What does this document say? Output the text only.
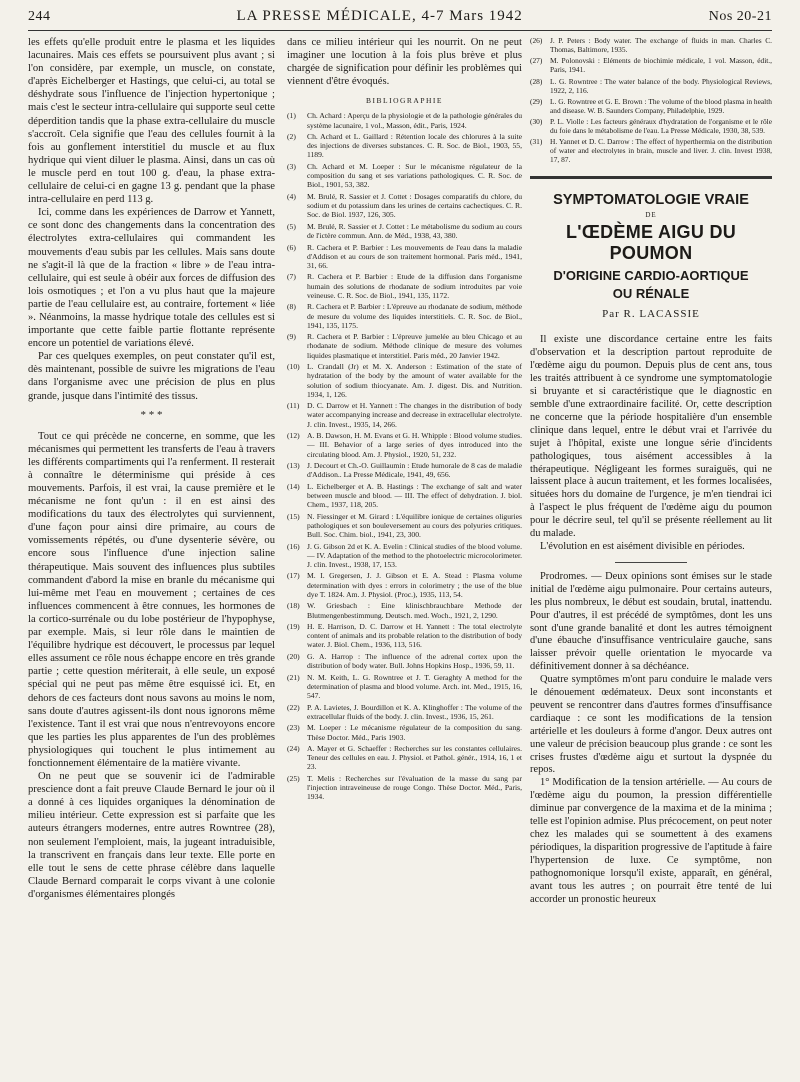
244	LA PRESSE MÉDICALE, 4-7 Mars 1942	Nos 20-21

les effets qu'elle produit entre le plasma et les liquides lacunaires. Mais ces effets se poursuivent plus avant ; si l'on considère, par exemple, un muscle, on constate, d'après Eichelberger et Hastings, que celui-ci, au total se déshydrate sous l'influence de l'injection hypertonique ; mais c'est le secteur intra-cellulaire qui supporte seul cette déperdition tandis que la phase extra-cellulaire du muscle s'accroît. Cela signifie que l'eau des cellules fournit à la fois au gonflement interstitiel du muscle et au flux hydrique qui vient diluer le plasma. Ainsi, dans un cas où le muscle perd en tout 100 g. d'eau, la phase extra-cellulaire de celui-ci en gagne 13 g. pendant que la phase intra-cellulaire en perd 113 g.

Ici, comme dans les expériences de Darrow et Yannett, ce sont donc des changements dans la concentration des électrolytes extra-cellulaires qui commandent les mouvements d'eau subis par les cellules. Mais sans doute ne s'agit-il là que de la fraction « libre » de l'eau intra-cellulaire, qui est seule à obéir aux forces de diffusion des lois osmotiques ; et l'on a vu plus haut que la majeure partie de l'eau cellulaire est, au contraire, fortement « liée ». Néanmoins, la masse hydrique totale des cellules est si importante que cette faible partie flottante représente encore un potentiel de variations élevé.

Par ces quelques exemples, on peut constater qu'il est, dès maintenant, possible de suivre les migrations de l'eau dans l'organisme avec une précision de plus en plus grande, jusque dans l'intimité des tissus.

* * *

Tout ce qui précède ne concerne, en somme, que les mécanismes qui permettent les transferts de l'eau à travers les différents compartiments qui l'a renferment. Il resterait à connaître le déterminisme qui préside à ces mouvements. Parfois, il est vrai, la cause première et le mécanisme ne font qu'un : il en est ainsi des modifications du taux des électrolytes qui surviennent, d'une façon pour ainsi dire primaire, au cours de vomissements répétés, ou d'une dysenterie sévère, ou encore sous l'influence d'une injection saline thérapeutique. Mais souvent des influences plus subtiles commandent d'abord la mise en branle du mécanisme qui lui-même met l'eau en mouvement ; certaines de ces influences commencent à être connues, les hormones de la cortico-surrénale ou du lobe postérieur de l'hypophyse, par exemple. Mais, si leur rôle dans le maintien de l'équilibre hydrique est découvert, le processus par lequel elles assument ce rôle nous échappe encore en très grande partie ; cette question mériterait, à elle seule, un exposé spécial qui ne peut pas même être esquissé ici. Et, en dehors de ces facteurs dont nous savons au moins le nom, sans doute d'autres agissent-ils dont nous ignorons même l'existence. Tant il est vrai que nous n'entrevoyons encore que les parties les plus apparentes de l'un des problèmes physiologiques qui touchent le plus intimement au fonctionnement élémentaire de la matière vivante.

On ne peut que se souvenir ici de l'admirable prescience dont a fait preuve Claude Bernard le jour où il a donné à ces liquides organiques la dénomination de milieu intérieur. Cette expression est si parfaite que les auteurs étrangers modernes, entre autres Rowntree (28), non seulement l'emploient, mais, la jugeant intraduisible, la transcrivent en français dans leur texte. Elle porte en elle tout le sens de cette phrase célèbre dans laquelle Claude Bernard comparait le corps vivant à une colonie d'organismes élémentaires plongés

dans ce milieu intérieur qui les nourrit. On ne peut imaginer une locution à la fois plus brève et plus chargée de signification pour définir les problèmes qui viennent d'être évoqués.

BIBLIOGRAPHIE
(1)	Ch. Achard : Aperçu de la physiologie et de la pathologie générales du système lacunaire, 1 vol., Masson, édit., Paris, 1924.
(2)	Ch. Achard et L. Gaillard : Rétention locale des chlorures à la suite des injections de diverses substances. C. R. Soc. de Biol., 1903, 55, 1189.
(3)	Ch. Achard et M. Loeper : Sur le mécanisme régulateur de la composition du sang et ses variations pathologiques. C. R. Soc. de Biol., 1901, 53, 382.
(4)	M. Brulé, R. Sassier et J. Cottet : Dosages comparatifs du chlore, du sodium et du potassium dans les urines de certains cachectiques. C. R. Soc. de Biol. 1937, 126, 305.
(5)	M. Brulé, R. Sassier et J. Cottet : Le métabolisme du sodium au cours de l'ictère commun. Ann. de Méd., 1938, 43, 380.
(6)	R. Cachera et P. Barbier : Les mouvements de l'eau dans la maladie d'Addison et au cours de son traitement hormonal. Paris méd., 1941, 31, 66.
(7)	R. Cachera et P. Barbier : Etude de la diffusion dans l'organisme humain des solutions de rhodanate de sodium introduites par voie veineuse. C. R. Soc. de Biol., 1941, 135, 1172.
(8)	R. Cachera et P. Barbier : L'épreuve au rhodanate de sodium, méthode de mesure du volume des liquides interstitiels. C. R. Soc. de Biol., 1941, 135, 1175.
(9)	R. Cachera et P. Barbier : L'épreuve jumelée au bleu Chicago et au rhodanate de sodium. Méthode clinique de mesure des volumes liquides plasmatique et interstitiel. Paris méd., 20 Janvier 1942.
(10) L. Crandall (Jr) et M. X. Anderson : Estimation of the state of hydratation of the body by the amount of water available for the solution of sodium thiocyanate. Am. J. digest. Dis. and Nutrition. 1934, 1, 126.
(11)	D. C. Darrow et H. Yannett : The changes in the distribution of body water accompanying increase and decrease in extracellular electrolyte. J. clin. Invest., 1935, 14, 266.
(12) A. B. Dawson, H. M. Evans et G. H. Whipple : Blood volume studies. — III. Behavior of a large series of dyes introduced into the circulating blood. Am. J. Physiol., 1920, 51, 232.
(13) J. Decourt et Ch.-O. Guillaumin : Etude humorale de 8 cas de maladie d'Addison.. La Presse Médicale, 1941, 49, 656.
(14) L. Eichelberger et A. B. Hastings : The exchange of salt and water between muscle and blood. — III. The effect of dehydration. J. biol. Chem., 1937, 118, 205.
(15) N. Fiessinger et M. Girard : L'équilibre ionique de certaines oliguries pathologiques et son bouleversement au cours des polyuries critiques. Bull. Soc. Chim. biol., 1941, 23, 300.
(16) J. G. Gibson 2d et K. A. Evelin : Clinical studies of the blood volume. — IV. Adaptation of the method to the photoelectric microcolorimeter. J. clin. Invest., 1938, 17, 153.
(17) M. I. Gregersen, J. J. Gibson et E. A. Stead : Plasma volume determination with dyes : errors in colorimetry ; the use of the blue dye T. 1824. Am. J. Physiol. (Proc.), 1935, 113, 54.
(18) W. Griesbach : Eine klinischbrauchbare Methode der Blutmengenbestimmung. Deutsch. med. Woch., 1921, 2, 1290.
(19) H. E. Harrison, D. C. Darrow et H. Yannett : The total electrolyte content of animals and its probable relation to the distribution of body water. J. Biol. Chem., 1936, 113, 516.
(20) G. A. Harrop : The influence of the adrenal cortex upon the distribution of body water. Bull. Johns Hopkins Hosp., 1936, 59, 11.
(21) N. M. Keith, L. G. Rowntree et J. T. Geraghty A method for the determination of plasma and blood volume. Arch. int. Med., 1915, 16, 547.
(22) P. A. Lavietes, J. Bourdillon et K. A. Klinghoffer : The volume of the extracellular fluids of the body. J. clin. Invest., 1936, 15, 261.
(23) M. Loeper : Le mécanisme régulateur de la composition du sang. Thèse Doctor. Méd., Paris 1903.
(24) A. Mayer et G. Schaeffer : Recherches sur les constantes cellulaires. Teneur des cellules en eau. J. Physiol. et Pathol. génér., 1914, 16, 1 et 23.
(25) T. Melis : Recherches sur l'évaluation de la masse du sang par l'injection intraveineuse de rouge Congo. Thèse Doctor. Méd., Paris, 1934.
(26)	J. P. Peters : Body water. The exchange of fluids in man. Charles C. Thomas, Baltimore, 1935.
(27)	M. Polonovski : Eléments de biochimie médicale, 1 vol. Masson, édit., Paris, 1941.
(28)	L. G. Rowntree : The water balance of the body. Physiological Reviews, 1922, 2, 116.
(29)	L. G. Rowntree et G. E. Brown : The volume of the blood plasma in health and disease. W. B. Saunders Company, Philadelphie, 1929.
(30)	P. L. Violle : Les facteurs généraux d'hydratation de l'organisme et le rôle du foie dans le métabolisme de l'eau. La Presse Médicale, 1930, 38, 539.
(31)	H. Yannet et D. C. Darrow : The effect of hyperthermia on the distribution of water and electrolytes in brain, muscle and liver. J. clin. Invest 1938, 17, 87.
SYMPTOMATOLOGIE VRAIE
DE
L'ŒDÈME AIGU DU POUMON
D'ORIGINE CARDIO-AORTIQUE
OU RÉNALE
Par R. LACASSIE

Il existe une discordance certaine entre les faits d'observation et la description partout reproduite de l'œdème aigu du poumon. Depuis plus de cent ans, tous les traités attribuent à ce syndrome une symptomatologie si bruyante et si caractéristique que le diagnostic en semble d'une extraordinaire facilité. Or, cette description ne concerne que la période hospitalière d'un ensemble clinique dans lequel, entre le début vrai et l'arrivée du sujet à l'hôpital, existe une longue série d'incidents pathologiques, tous aisément accessibles à la thérapeutique. Négligeant les formes suraiguës, qui ne laissent place à aucun traitement, et les formes localisées, situées hors du domaine de l'urgence, je m'en tiendrai ici à l'aspect le plus fréquent de l'œdème aigu du poumon pour le décrire seul, tel qu'il se présente réellement au lit du malade.

L'évolution en est aisément divisible en périodes.

Prodromes. — Deux opinions sont émises sur le stade initial de l'œdème aigu pulmonaire. Pour certains auteurs, les plus nombreux, le début est soudain, brutal, inattendu. Pour d'autres, il est précédé de symptômes, dont les uns sont d'une grande banalité et dont les autres témoignent d'une ébauche d'insuffisance ventriculaire gauche, sans laisser prévoir quelle orientation le myocarde va définitivement donner à sa déchéance.

Quatre symptômes m'ont paru conduire le malade vers le dénouement œdémateux. Deux sont inconstants et peuvent se rencontrer dans d'autres formes d'insuffisance cardiaque : ce sont les modifications de la tension artérielle et les douleurs à forme d'angor. Deux autres ont une valeur de précision beaucoup plus grande : ce sont les crises frustes d'œdème aigu et surtout la dyspnée du repos.

1° Modification de la tension artérielle. — Au cours de l'œdème aigu du poumon, la pression différentielle diminue par convergence de la maxima et de la minima ; telle est l'opinion admise. Plus précocement, on peut noter chez les malades qui se soumettent à des examens périodiques, la disparition progressive de l'aptitude à faire l'hypertension de luxe. Ce symptôme, non pathognomonique lorsqu'il existe, apparaît, en général, avant tous les autres ; on pourrait être tenté de lui accorder un pronostic heureux
